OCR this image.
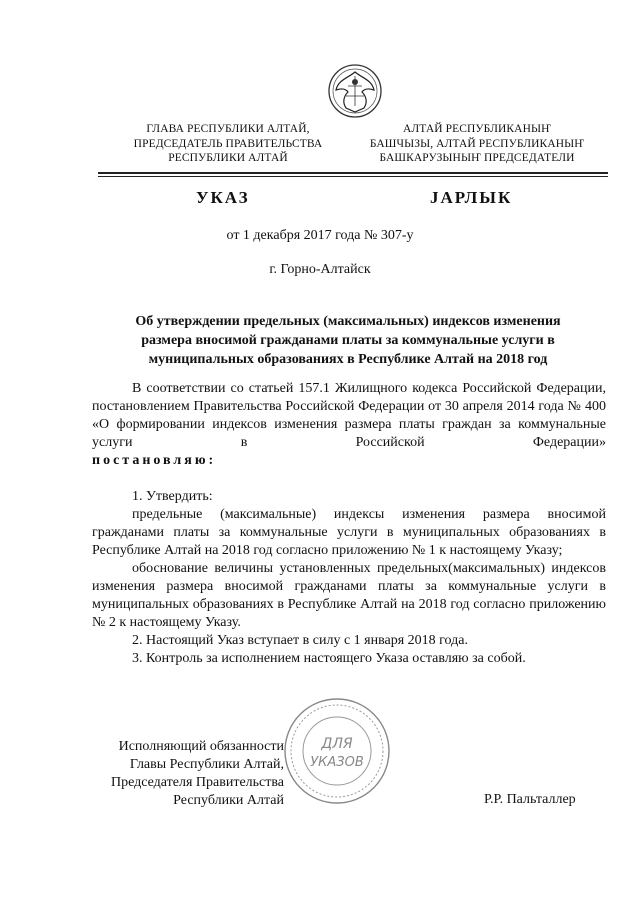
ГЛАВА РЕСПУБЛИКИ АЛТАЙ,
ПРЕДСЕДАТЕЛЬ ПРАВИТЕЛЬСТВА
РЕСПУБЛИКИ АЛТАЙ
АЛТАЙ РЕСПУБЛИКАНЫҤ
БАШЧЫЗЫ, АЛТАЙ РЕСПУБЛИКАНЫҤ
БАШКАРУЗЫНЫҤ ПРЕДСЕДАТЕЛИ
УКАЗ	JАРЛЫК
от 1 декабря 2017 года № 307-у
г. Горно-Алтайск
Об утверждении предельных (максимальных) индексов изменения
размера вносимой гражданами платы за коммунальные услуги в
муниципальных образованиях в Республике Алтай на 2018 год

В соответствии со статьей 157.1 Жилищного кодекса Российской Федерации, постановлением Правительства Российской Федерации от 30 апреля 2014 года № 400 «О формировании индексов изменения размера платы граждан за коммунальные услуги в Российской Федерации»

постановляю:

1. Утвердить:

предельные (максимальные) индексы изменения размера вносимой гражданами платы за коммунальные услуги в муниципальных образованиях в Республике Алтай на 2018 год согласно приложению № 1 к настоящему Указу;

обоснование величины установленных предельных(максимальных) индексов изменения размера вносимой гражданами платы за коммунальные услуги в муниципальных образованиях в Республике Алтай на 2018 год согласно приложению № 2 к настоящему Указу.

2. Настоящий Указ вступает в силу с 1 января 2018 года.

3. Контроль за исполнением настоящего Указа оставляю за собой.

ДЛЯ
УКАЗОВ
Исполняющий обязанности
Главы Республики Алтай,
Председателя Правительства
Республики Алтай	Р.Р. Пальталлер
